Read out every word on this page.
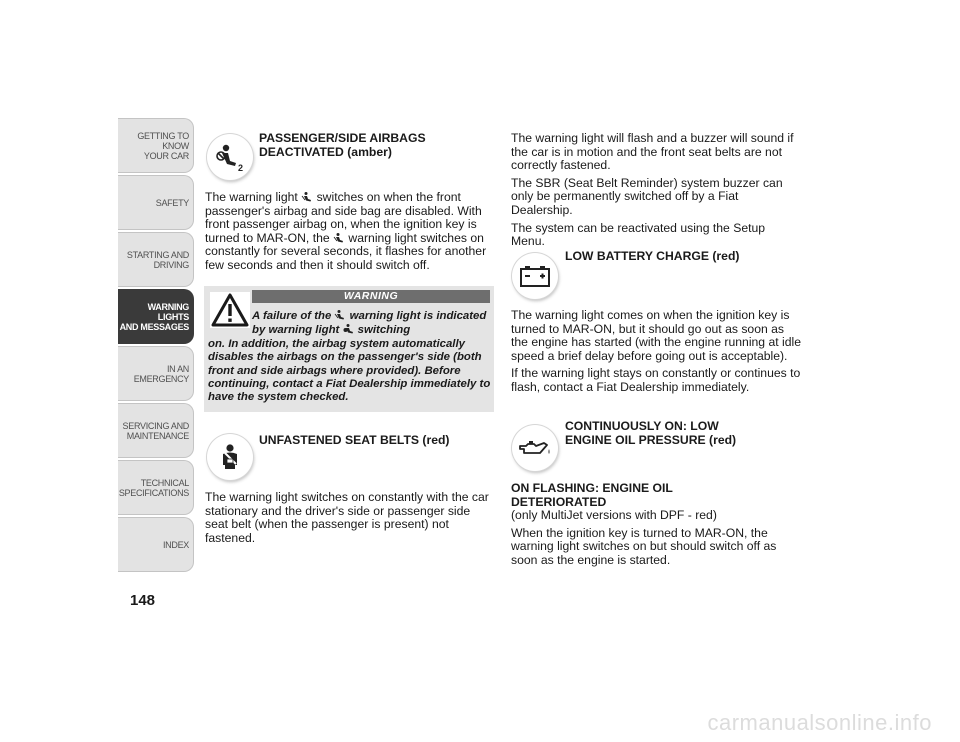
GETTING TO KNOW
YOUR CAR
SAFETY
STARTING AND
DRIVING
WARNING LIGHTS
AND MESSAGES
IN AN EMERGENCY
SERVICING AND
MAINTENANCE
TECHNICAL
SPECIFICATIONS
INDEX
148
2
PASSENGER/SIDE AIRBAGS
DEACTIVATED (amber)

The warning light  switches on when the front passenger's airbag and side bag are disabled. With front passenger airbag on, when the ignition key is turned to MAR-ON, the  warning light switches on constantly for several seconds, it flashes for another few seconds and then it should switch off.

WARNING
A failure of the  warning light is indicated by warning light  switching
on. In addition, the airbag system automatically disables the airbags on the passenger's side (both front and side airbags where provided). Before continuing, contact a Fiat Dealership immediately to have the system checked.
UNFASTENED SEAT BELTS (red)

The warning light switches on constantly with the car stationary and the driver's side or passenger side seat belt (when the passenger is present) not fastened.

The warning light will flash and a buzzer will sound if the car is in motion and the front seat belts are not correctly fastened.

The SBR (Seat Belt Reminder) system buzzer can only be permanently switched off by a Fiat Dealership.

The system can be reactivated using the Setup Menu.

LOW BATTERY CHARGE (red)

The warning light comes on when the ignition key is turned to MAR-ON, but it should go out as soon as the engine has started (with the engine running at idle speed a brief delay before going out is acceptable).

If the warning light stays on constantly or continues to flash, contact a Fiat Dealership immediately.

CONTINUOUSLY ON: LOW
ENGINE OIL PRESSURE (red)
ON FLASHING: ENGINE OIL
DETERIORATED

(only MultiJet versions with DPF - red)

When the ignition key is turned to MAR-ON, the warning light switches on but should switch off as soon as the engine is started.

carmanualsonline.info
